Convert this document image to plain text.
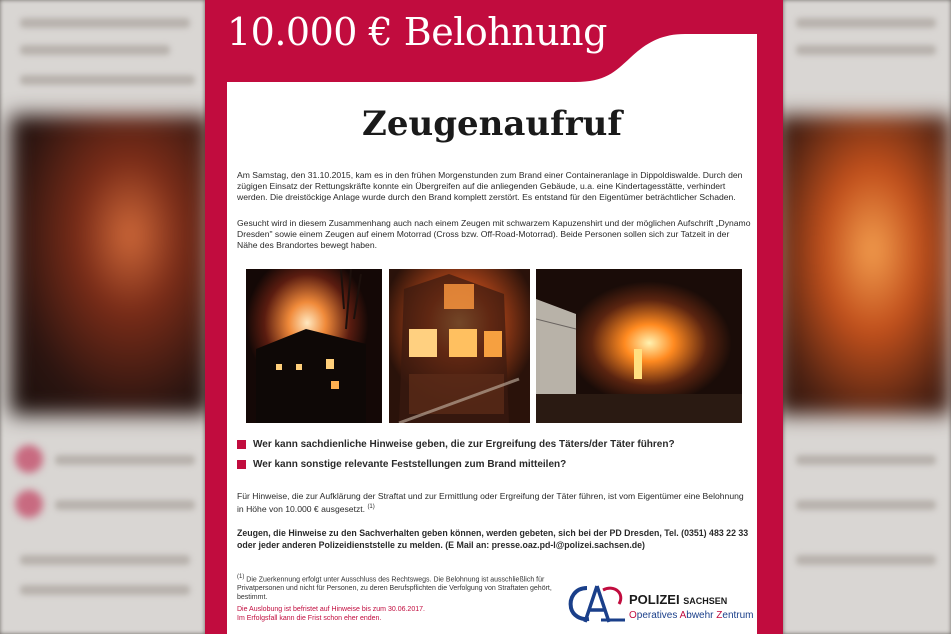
10.000 € Belohnung
Zeugenaufruf

Am Samstag, den 31.10.2015, kam es in den frühen Morgenstunden zum Brand einer Containeranlage in Dippoldiswalde. Durch den zügigen Einsatz der Rettungskräfte konnte ein Übergreifen auf die anliegenden Gebäude, u.a. eine Kindertagesstätte, verhindert werden. Die dreistöckige Anlage wurde durch den Brand komplett zerstört. Es entstand für den Eigentümer beträchtlicher Schaden.

Gesucht wird in diesem Zusammenhang auch nach einem Zeugen mit schwarzem Kapuzenshirt und der möglichen Aufschrift „Dynamo Dresden" sowie einem Zeugen auf einem Motorrad (Cross bzw. Off-Road-Motorrad). Beide Personen sollen sich zur Tatzeit in der Nähe des Brandortes bewegt haben.

Wer kann sachdienliche Hinweise geben, die zur Ergreifung des Täters/der Täter führen?
Wer kann sonstige relevante Feststellungen zum Brand mitteilen?

Für Hinweise, die zur Aufklärung der Straftat und zur Ermittlung oder Ergreifung der Täter führen, ist vom Eigentümer eine Belohnung in Höhe von 10.000 € ausgesetzt. $^{(1)}$

Zeugen, die Hinweise zu den Sachverhalten geben können, werden gebeten, sich bei der PD Dresden, Tel. (0351) 483 22 33 oder jeder anderen Polizeidienststelle zu melden. (E Mail an: presse.oaz.pd-l@polizei.sachsen.de)

$^{(1)}$ Die Zuerkennung erfolgt unter Ausschluss des Rechtswegs. Die Belohnung ist ausschließlich für Privatpersonen und nicht für Personen, zu deren Berufspflichten die Verfolgung von Straftaten gehört, bestimmt.
Die Auslobung ist befristet auf Hinweise bis zum 30.06.2017.
Im Erfolgsfall kann die Frist schon eher enden.
POLIZEI SACHSEN
Operatives Abwehr Zentrum
